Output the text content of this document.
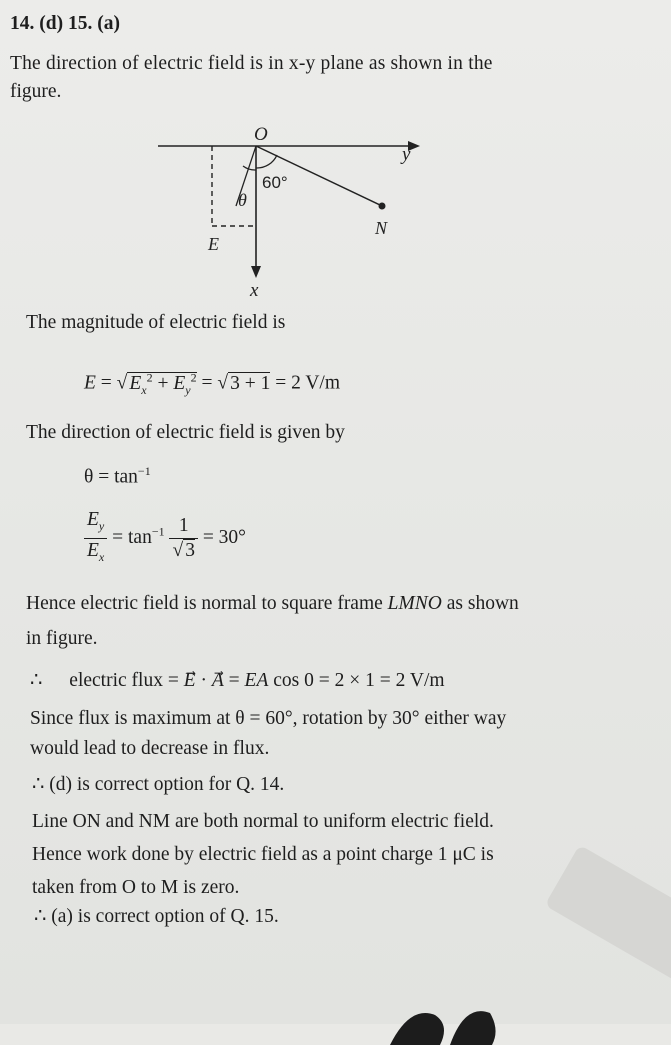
14. (d) 15. (a)
The direction of electric field is in x-y plane as shown in the
figure.
O
y
x
60°
θ
N
E
The magnitude of electric field is
E = √ $E_x^2 + E_y^2$ = √ 3 + 1 = 2 V/m
The direction of electric field is given by
$\theta = \tan^{-1}$
$\frac{E_y}{E_x} = \tan^{-1} \frac{1}{√ 3} = 30^\circ$
Hence electric field is normal to square frame LMNO as shown
in figure.
∴ electric flux = E⃗ · A⃗ = EA cos 0 = 2 × 1 = 2 V/m
Since flux is maximum at θ = 60°, rotation by 30° either way
would lead to decrease in flux.
∴ (d) is correct option for Q. 14.
Line ON and NM are both normal to uniform electric field.
Hence work done by electric field as a point charge 1 μC is
taken from O to M is zero.
∴ (a) is correct option of Q. 15.
